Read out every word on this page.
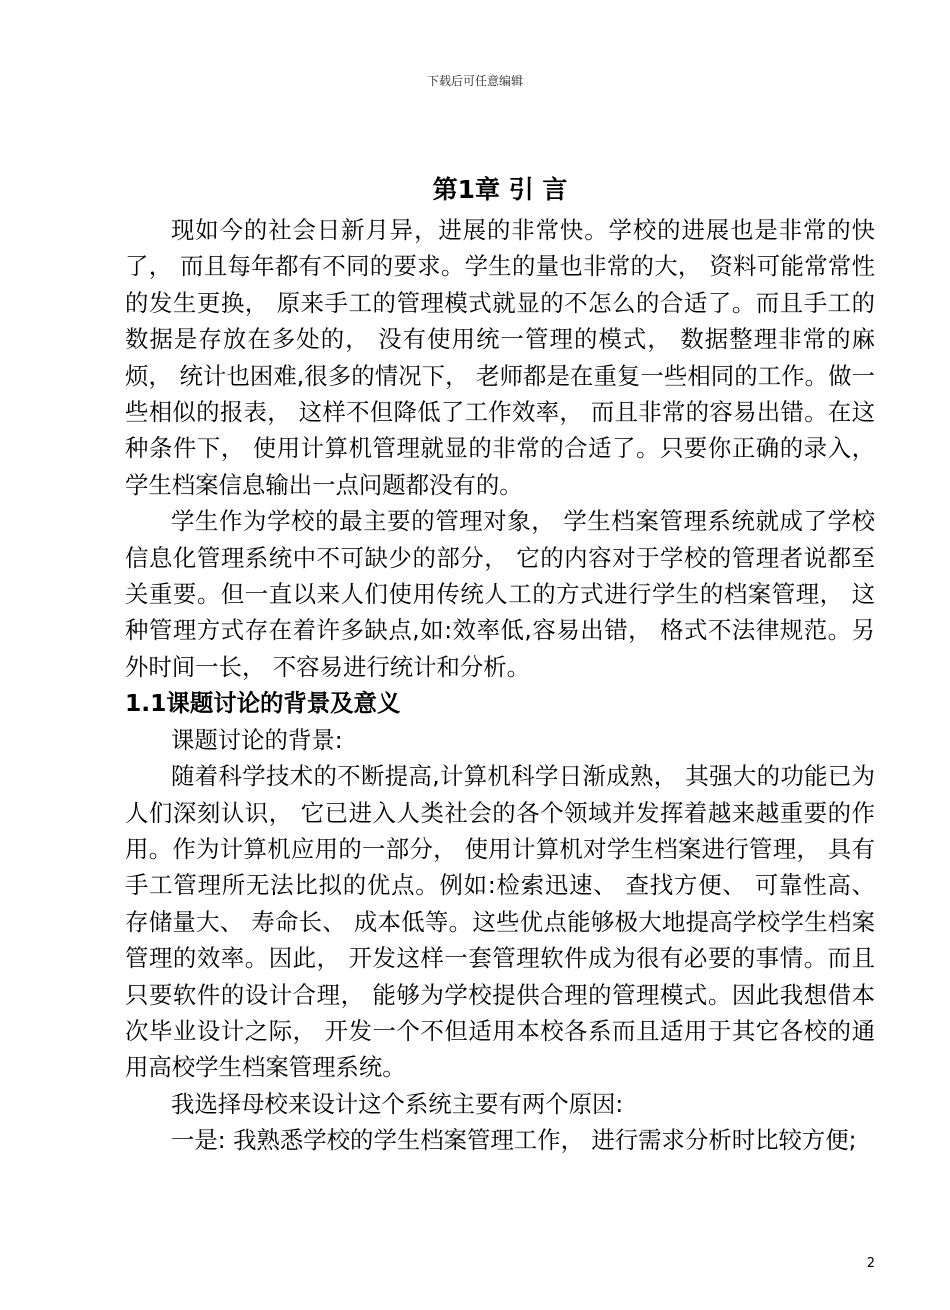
下载后可任意编辑
第1章 引 言

现如今的社会日新月异，进展的非常快。学校的进展也是非常的快了， 而且每年都有不同的要求。学生的量也非常的大， 资料可能常常性的发生更换， 原来手工的管理模式就显的不怎么的合适了。而且手工的数据是存放在多处的， 没有使用统一管理的模式， 数据整理非常的麻烦， 统计也困难,很多的情况下， 老师都是在重复一些相同的工作。做一些相似的报表， 这样不但降低了工作效率， 而且非常的容易出错。在这种条件下， 使用计算机管理就显的非常的合适了。只要你正确的录入， 学生档案信息输出一点问题都没有的。

学生作为学校的最主要的管理对象， 学生档案管理系统就成了学校信息化管理系统中不可缺少的部分， 它的内容对于学校的管理者说都至关重要。但一直以来人们使用传统人工的方式进行学生的档案管理， 这种管理方式存在着许多缺点,如:效率低,容易出错， 格式不法律规范。另外时间一长， 不容易进行统计和分析。

1.1课题讨论的背景及意义

课题讨论的背景:

随着科学技术的不断提高,计算机科学日渐成熟， 其强大的功能已为人们深刻认识， 它已进入人类社会的各个领域并发挥着越来越重要的作用。作为计算机应用的一部分， 使用计算机对学生档案进行管理， 具有手工管理所无法比拟的优点。例如:检索迅速、 查找方便、 可靠性高、 存储量大、 寿命长、 成本低等。这些优点能够极大地提高学校学生档案管理的效率。因此， 开发这样一套管理软件成为很有必要的事情。而且只要软件的设计合理， 能够为学校提供合理的管理模式。因此我想借本次毕业设计之际， 开发一个不但适用本校各系而且适用于其它各校的通用高校学生档案管理系统。

我选择母校来设计这个系统主要有两个原因:

一是: 我熟悉学校的学生档案管理工作， 进行需求分析时比较方便;

2
